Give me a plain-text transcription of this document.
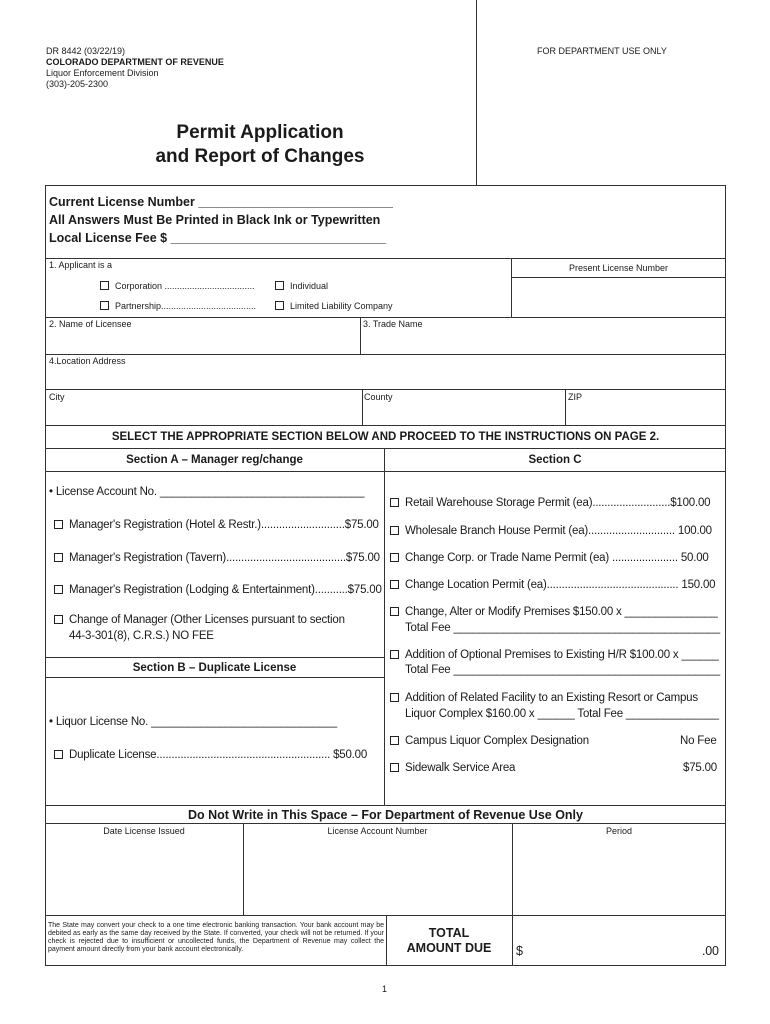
DR 8442 (03/22/19)
COLORADO DEPARTMENT OF REVENUE
Liquor Enforcement Division
(303)-205-2300
FOR DEPARTMENT USE ONLY
Permit Application
and Report of Changes
Current License Number ____________________________
All Answers Must Be Printed in Black Ink or Typewritten
Local License Fee $ _______________________________
1. Applicant is a	Present License Number
Corporation ....................................	Individual
Partnership......................................	Limited Liability Company
2. Name of Licensee	3. Trade Name
4.Location Address
City	County	ZIP
SELECT THE APPROPRIATE SECTION BELOW AND PROCEED TO THE INSTRUCTIONS ON PAGE 2.
Section A – Manager reg/change	Section C
• License Account No. _________________________________
Manager's Registration (Hotel & Restr.)............................$75.00
Manager's Registration (Tavern)........................................$75.00
Manager's Registration (Lodging & Entertainment)...........$75.00
Change of Manager (Other Licenses pursuant to section
44-3-301(8), C.R.S.) NO FEE
Section B – Duplicate License
• Liquor License No. ______________________________
Duplicate License.......................................................... $50.00
Retail Warehouse Storage Permit (ea)..........................$100.00
Wholesale Branch House Permit (ea)............................. 100.00
Change Corp. or Trade Name Permit (ea) ...................... 50.00
Change Location Permit (ea)............................................ 150.00
Change, Alter or Modify Premises $150.00 x _______________
Total Fee ___________________________________________
Addition of Optional Premises to Existing H/R $100.00 x ______
Total Fee ___________________________________________
Addition of Related Facility to an Existing Resort or Campus
Liquor Complex $160.00 x ______ Total Fee _______________
Campus Liquor Complex Designation	No Fee
Sidewalk Service Area	$75.00
Do Not Write in This Space – For Department of Revenue Use Only
Date License Issued	License Account Number	Period
The State may convert your check to a one time electronic banking transaction. Your bank account may be debited as early as the same day received by the State. If converted, your check will not be returned. If your check is rejected due to insufficient or uncollected funds, the Department of Revenue may collect the payment amount directly from your bank account electronically.
TOTAL
AMOUNT DUE	$	.00
1
